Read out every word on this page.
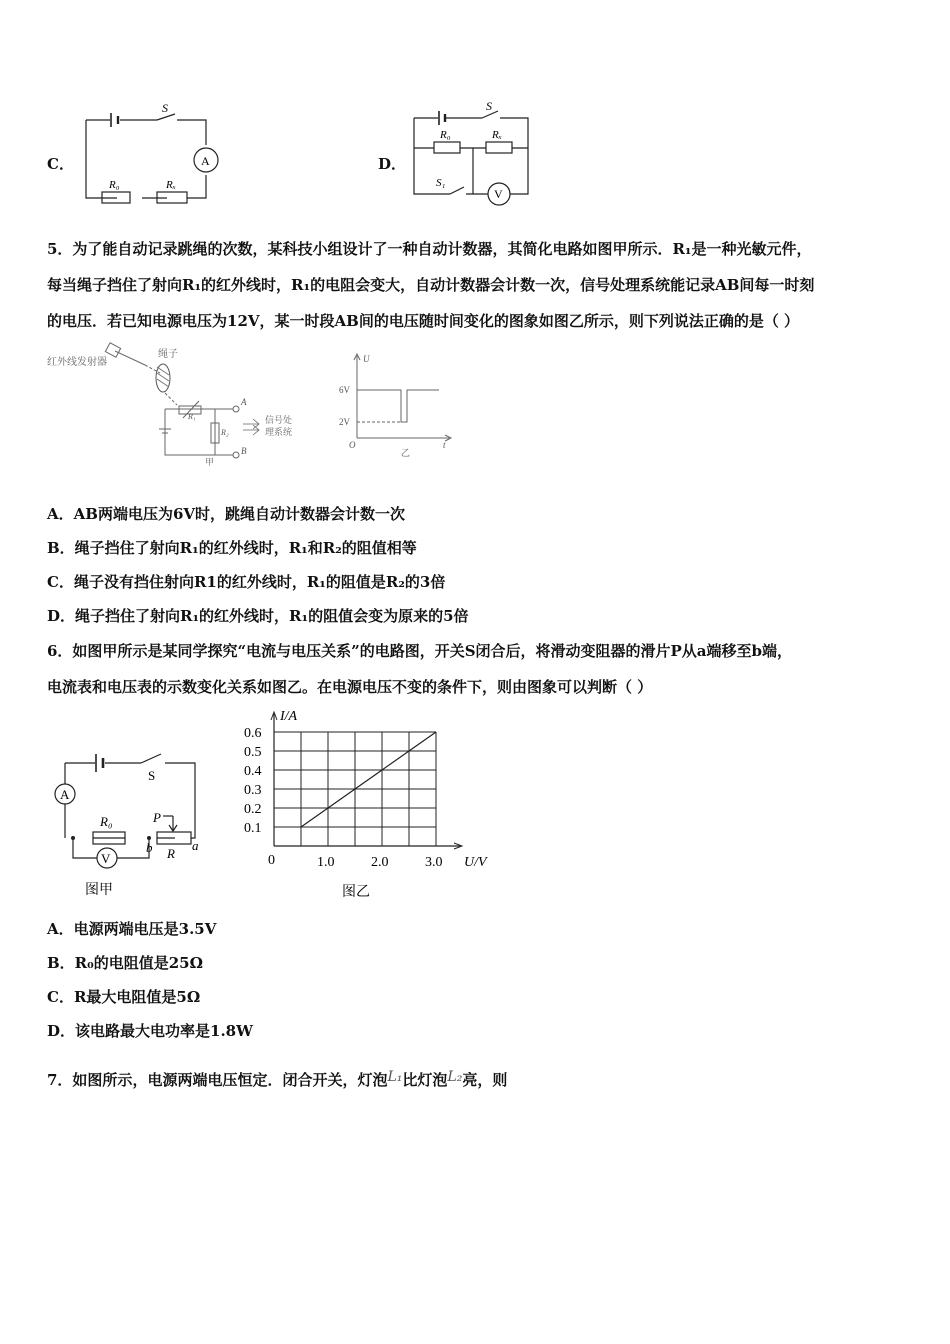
C．
S
A
R₀	Rₓ
D．
S
S₁
V
R₀	Rₓ
5．为了能自动记录跳绳的次数，某科技小组设计了一种自动计数器，其简化电路如图甲所示．R₁是一种光敏元件，
每当绳子挡住了射向R₁的红外线时，R₁的电阻会变大，自动计数器会计数一次，信号处理系统能记录AB间每一时刻
的电压．若已知电源电压为12V，某一时段AB间的电压随时间变化的图象如图乙所示，则下列说法正确的是（ ）
红外线发射器
绳子
R₁
R₂
A
B
信号处
理系统
甲
U
6V
2V
O	t
乙
A．AB两端电压为6V时，跳绳自动计数器会计数一次
B．绳子挡住了射向R₁的红外线时，R₁和R₂的阻值相等
C．绳子没有挡住射向R1的红外线时，R₁的阻值是R₂的3倍
D．绳子挡住了射向R₁的红外线时，R₁的阻值会变为原来的5倍
6．如图甲所示是某同学探究“电流与电压关系”的电路图，开关S闭合后，将滑动变阻器的滑片P从a端移至b端，
电流表和电压表的示数变化关系如图乙。在电源电压不变的条件下，则由图象可以判断（ ）
S
A
V
R₀	P
R
a
b
图甲
0.1
0.2
0.3
0.4
0.5
0.6
1.0	2.0	3.0
I/A
U/V
0
图乙
A．电源两端电压是3.5V
B．R₀的电阻值是25Ω
C．R最大电阻值是5Ω
D．该电路最大电功率是1.8W
7．如图所示，电源两端电压恒定．闭合开关，灯泡L₁比灯泡L₂亮，则
